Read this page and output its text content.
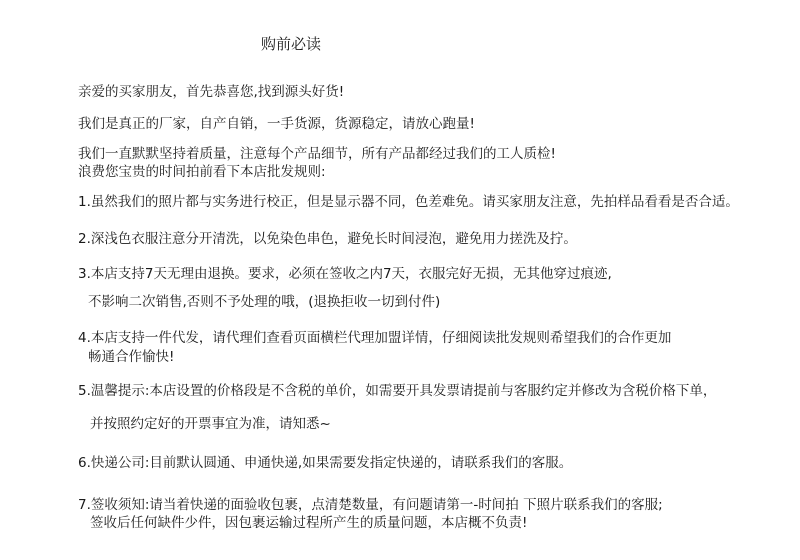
购前必读
亲爱的买家朋友，首先恭喜您,找到源头好货!
我们是真正的厂家，自产自销，一手货源，货源稳定，请放心跑量!
我们一直默默坚持着质量，注意每个产品细节，所有产品都经过我们的工人质检!
浪费您宝贵的时间拍前看下本店批发规则:
1.虽然我们的照片都与实务进行校正，但是显示器不同，色差难免。请买家朋友注意，先拍样品看看是否合适。
2.深浅色衣服注意分开清洗，以免染色串色，避免长时间浸泡，避免用力搓洗及拧。
3.本店支持7天无理由退换。要求，必须在签收之内7天，衣服完好无损，无其他穿过痕迹,
不影响二次销售,否则不予处理的哦，(退换拒收一切到付件)
4.本店支持一件代发，请代理们查看页面横栏代理加盟详情，仔细阅读批发规则希望我们的合作更加
畅通合作愉快!
5.温馨提示:本店设置的价格段是不含税的单价，如需要开具发票请提前与客服约定并修改为含税价格下单，
并按照约定好的开票事宜为准，请知悉~
6.快递公司:目前默认圆通、申通快递,如果需要发指定快递的，请联系我们的客服。
7.签收须知:请当着快递的面验收包裹，点清楚数量，有问题请第一-时间拍 下照片联系我们的客服;
签收后任何缺件少件，因包裹运输过程所产生的质量问题，本店概不负责!
